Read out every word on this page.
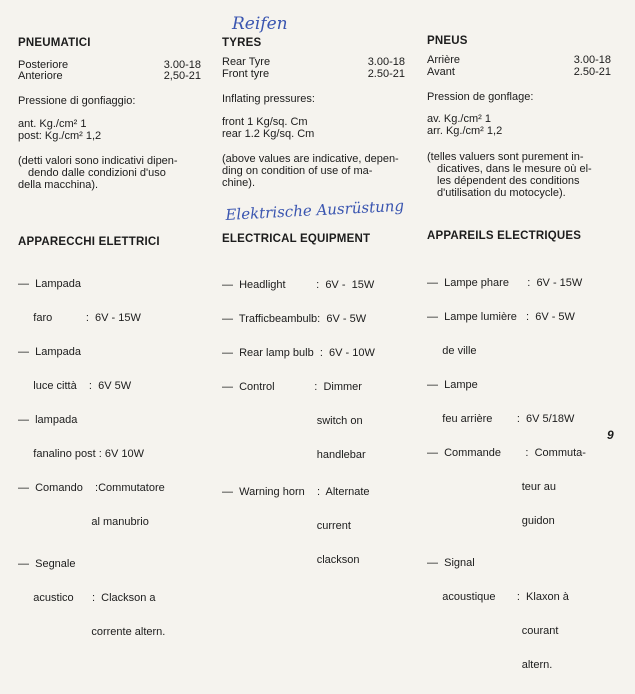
Reifen
Elektrische Ausrüstung
PNEUMATICI
Posteriore	3.00-18
Anteriore	2,50-21
Pressione di gonfiaggio:
ant. Kg./cm² 1
post: Kg./cm² 1,2
(detti valori sono indicativi dipen-
dendo dalle condizioni d'uso
della macchina).
APPARECCHI ELETTRICI

—  Lampada

faro           :  6V - 15W

—  Lampada

luce città    :  6V 5W

—  lampada

fanalino post : 6V 10W

—  Comando    :Commutatore

al manubrio

—  Segnale

acustico      :  Clackson a

corrente altern.

TYRES
Rear Tyre	3.00-18
Front tyre	2.50-21
Inflating pressures:
front 1 Kg/sq. Cm
rear 1.2 Kg/sq. Cm
(above values are indicative, depen-
ding on condition of use of ma-
chine).
ELECTRICAL EQUIPMENT

—  Headlight          :  6V -  15W

—  Trafficbeambulb:  6V - 5W

—  Rear lamp bulb  :  6V - 10W

—  Control             :  Dimmer

switch on

handlebar

—  Warning horn    :  Alternate

current

clackson

PNEUS
Arrière	3.00-18
Avant	2.50-21
Pression de gonflage:
av. Kg./cm² 1
arr. Kg./cm² 1,2
(telles valuers sont purement in-
dicatives, dans le mesure où el-
les dépendent des conditions
d'utilisation du motocycle).
APPAREILS ELECTRIQUES

—  Lampe phare      :  6V - 15W

—  Lampe lumière   :  6V - 5W

de ville

—  Lampe

feu arrière        :  6V 5/18W

—  Commande        :  Commuta-

teur au

guidon

—  Signal

acoustique       :  Klaxon à

courant

altern.

9
